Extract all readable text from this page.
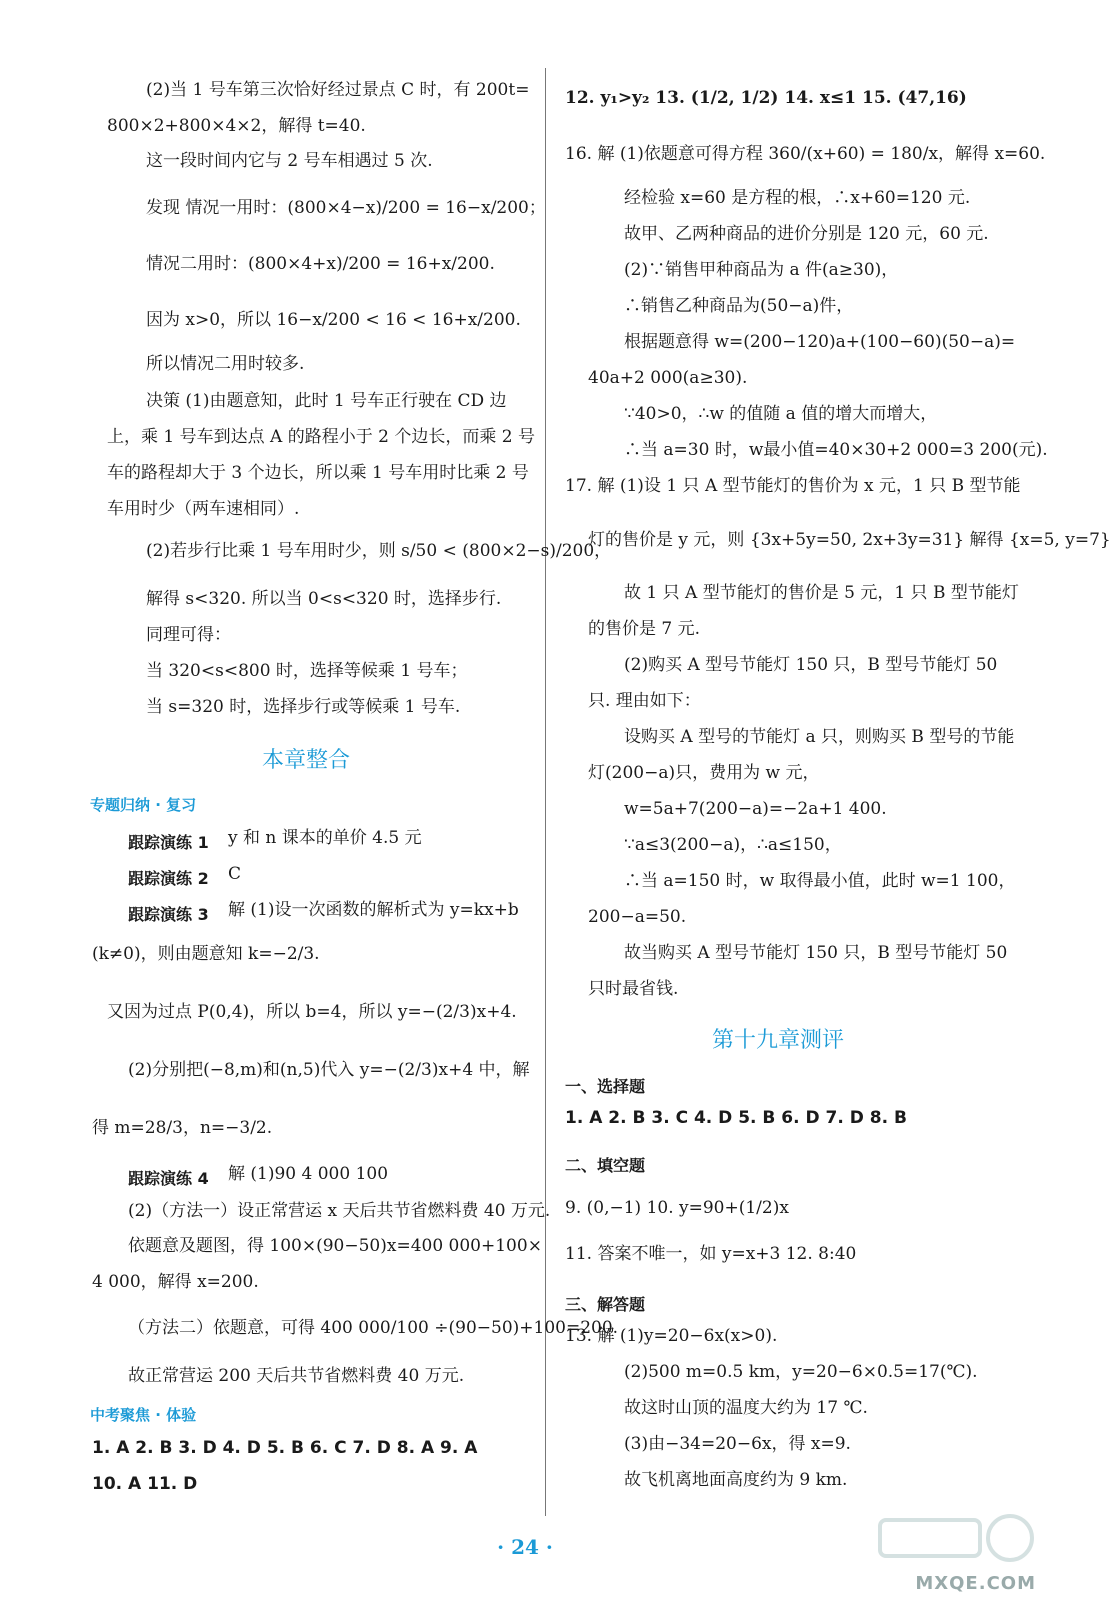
(2)当 1 号车第三次恰好经过景点 C 时，有 200t=
800×2+800×4×2，解得 t=40.
这一段时间内它与 2 号车相遇过 5 次.
发现 情况一用时：(800×4−x)/200 = 16−x/200；
情况二用时：(800×4+x)/200 = 16+x/200.
因为 x>0，所以 16−x/200 < 16 < 16+x/200.
所以情况二用时较多.
决策 (1)由题意知，此时 1 号车正行驶在 CD 边
上，乘 1 号车到达点 A 的路程小于 2 个边长，而乘 2 号
车的路程却大于 3 个边长，所以乘 1 号车用时比乘 2 号
车用时少（两车速相同）.
(2)若步行比乘 1 号车用时少，则 s/50 < (800×2−s)/200，
解得 s<320. 所以当 0<s<320 时，选择步行.
同理可得：
当 320<s<800 时，选择等候乘 1 号车；
当 s=320 时，选择步行或等候乘 1 号车.
本章整合
专题归纳 · 复习
跟踪演练 1 y 和 n 课本的单价 4.5 元
跟踪演练 2 C
跟踪演练 3 解 (1)设一次函数的解析式为 y=kx+b
(k≠0)，则由题意知 k=−2/3.
又因为过点 P(0,4)，所以 b=4，所以 y=−(2/3)x+4.
(2)分别把(−8,m)和(n,5)代入 y=−(2/3)x+4 中，解
得 m=28/3，n=−3/2.
跟踪演练 4 解 (1)90 4 000 100
(2)（方法一）设正常营运 x 天后共节省燃料费 40 万元.
依题意及题图，得 100×(90−50)x=400 000+100×
4 000，解得 x=200.
（方法二）依题意，可得 400 000/100 ÷(90−50)+100=200.
故正常营运 200 天后共节省燃料费 40 万元.
中考聚焦 · 体验
1. A 2. B 3. D 4. D 5. B 6. C 7. D 8. A 9. A
10. A 11. D
12. y₁>y₂ 13. (1/2, 1/2) 14. x≤1 15. (47,16)
16. 解 (1)依题意可得方程 360/(x+60) = 180/x，解得 x=60.
经检验 x=60 是方程的根，∴x+60=120 元.
故甲、乙两种商品的进价分别是 120 元，60 元.
(2)∵销售甲种商品为 a 件(a≥30)，
∴销售乙种商品为(50−a)件，
根据题意得 w=(200−120)a+(100−60)(50−a)=
40a+2 000(a≥30).
∵40>0，∴w 的值随 a 值的增大而增大，
∴当 a=30 时，w最小值=40×30+2 000=3 200(元).
17. 解 (1)设 1 只 A 型节能灯的售价为 x 元，1 只 B 型节能
灯的售价是 y 元，则 {3x+5y=50, 2x+3y=31} 解得 {x=5, y=7}
故 1 只 A 型节能灯的售价是 5 元，1 只 B 型节能灯
的售价是 7 元.
(2)购买 A 型号节能灯 150 只，B 型号节能灯 50
只. 理由如下：
设购买 A 型号的节能灯 a 只，则购买 B 型号的节能
灯(200−a)只，费用为 w 元，
w=5a+7(200−a)=−2a+1 400.
∵a≤3(200−a)，∴a≤150，
∴当 a=150 时，w 取得最小值，此时 w=1 100，
200−a=50.
故当购买 A 型号节能灯 150 只，B 型号节能灯 50
只时最省钱.
第十九章测评
一、选择题
1. A 2. B 3. C 4. D 5. B 6. D 7. D 8. B
二、填空题
9. (0,−1) 10. y=90+(1/2)x
11. 答案不唯一，如 y=x+3 12. 8:40
三、解答题
13. 解 (1)y=20−6x(x>0).
(2)500 m=0.5 km，y=20−6×0.5=17(℃).
故这时山顶的温度大约为 17 ℃.
(3)由−34=20−6x，得 x=9.
故飞机离地面高度约为 9 km.
· 24 ·
MXQE.COM
